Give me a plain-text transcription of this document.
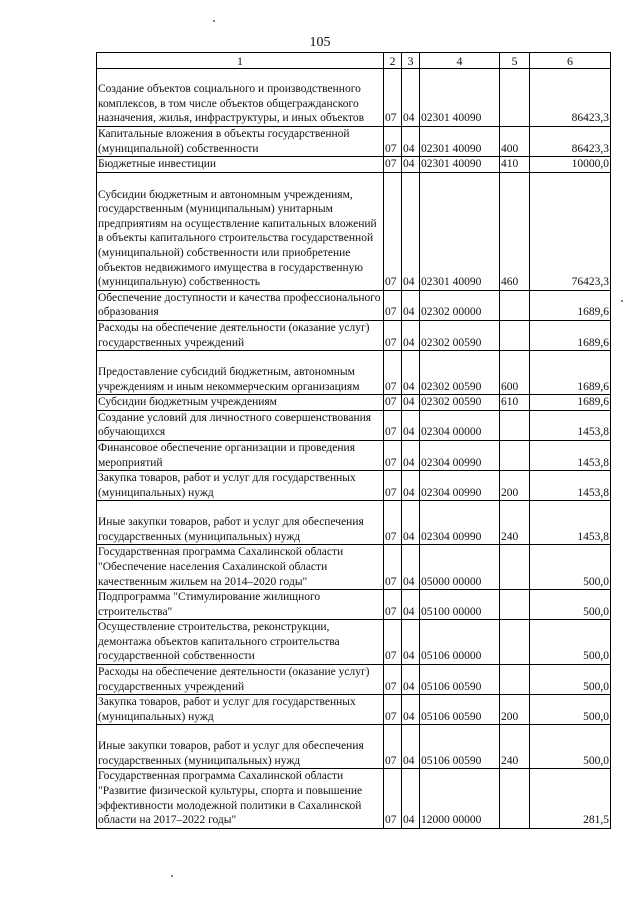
105
1	2	3	4	5	6
Создание объектов социального и производственного комплексов, в том числе объектов общегражданского назначения, жилья, инфраструктуры, и иных объектов	07	04	02301 40090		86423,3
Капитальные вложения в объекты государственной (муниципальной) собственности	07	04	02301 40090	400	86423,3
Бюджетные инвестиции	07	04	02301 40090	410	10000,0
Субсидии бюджетным и автономным учреждениям, государственным (муниципальным) унитарным предприятиям на осуществление капитальных вложений в объекты капитального строительства государственной (муниципальной) собственности или приобретение объектов недвижимого имущества в государственную (муниципальную) собственность	07	04	02301 40090	460	76423,3
Обеспечение доступности и качества профессионального образования	07	04	02302 00000		1689,6
Расходы на обеспечение деятельности (оказание услуг) государственных учреждений	07	04	02302 00590		1689,6
Предоставление субсидий бюджетным, автономным учреждениям и иным некоммерческим организациям	07	04	02302 00590	600	1689,6
Субсидии бюджетным учреждениям	07	04	02302 00590	610	1689,6
Создание условий для личностного совершенствования обучающихся	07	04	02304 00000		1453,8
Финансовое обеспечение организации и проведения мероприятий	07	04	02304 00990		1453,8
Закупка товаров, работ и услуг для государственных (муниципальных) нужд	07	04	02304 00990	200	1453,8
Иные закупки товаров, работ и услуг для обеспечения государственных (муниципальных) нужд	07	04	02304 00990	240	1453,8
Государственная программа Сахалинской области "Обеспечение населения Сахалинской области качественным жильем на 2014–2020 годы"	07	04	05000 00000		500,0
Подпрограмма "Стимулирование жилищного строительства"	07	04	05100 00000		500,0
Осуществление строительства, реконструкции, демонтажа объектов капитального строительства государственной собственности	07	04	05106 00000		500,0
Расходы на обеспечение деятельности (оказание услуг) государственных учреждений	07	04	05106 00590		500,0
Закупка товаров, работ и услуг для государственных (муниципальных) нужд	07	04	05106 00590	200	500,0
Иные закупки товаров, работ и услуг для обеспечения государственных (муниципальных) нужд	07	04	05106 00590	240	500,0
Государственная программа Сахалинской области "Развитие физической культуры, спорта и повышение эффективности молодежной политики в Сахалинской области на 2017–2022 годы"	07	04	12000 00000		281,5
